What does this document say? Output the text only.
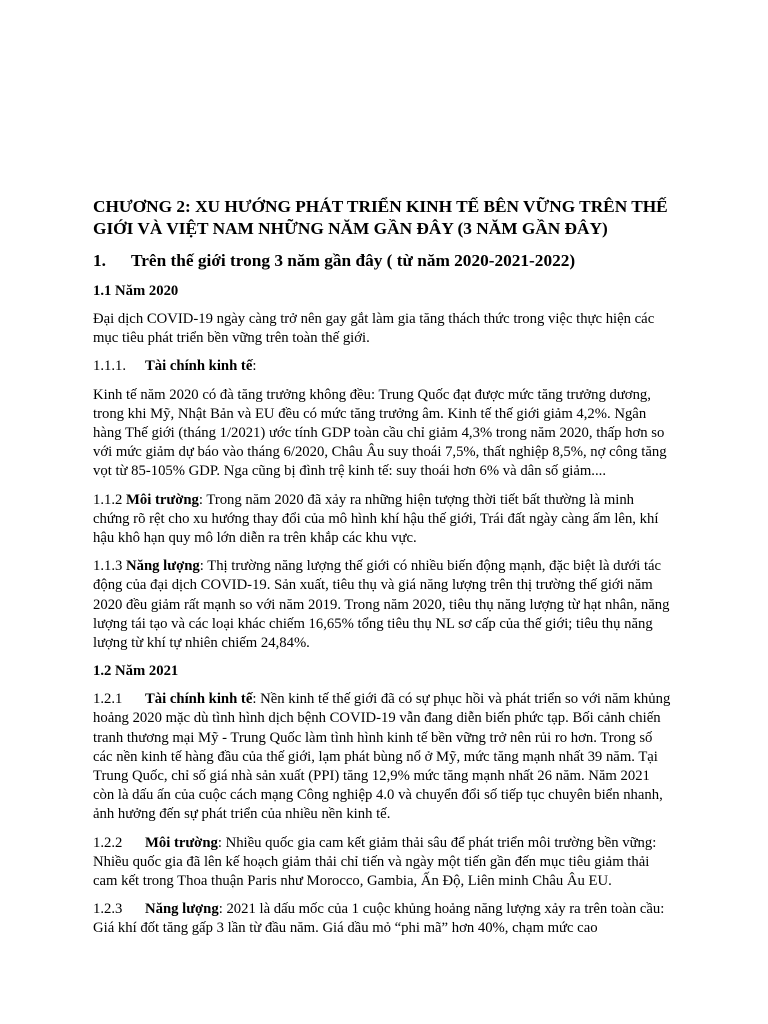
CHƯƠNG 2: XU HƯỚNG PHÁT TRIỂN KINH TẾ BÊN VỮNG TRÊN THẾ GIỚI VÀ VIỆT NAM NHỮNG NĂM GẦN ĐÂY (3 NĂM GẦN ĐÂY)
1.	Trên thế giới trong 3 năm gần đây ( từ năm 2020-2021-2022)
1.1 Năm 2020
Đại dịch COVID-19 ngày càng trở nên gay gắt làm gia tăng thách thức trong việc thực hiện các mục tiêu phát triển bền vững trên toàn thế giới.
1.1.1. Tài chính kinh tế:
Kinh tế năm 2020 có đà tăng trưởng không đều: Trung Quốc đạt được mức tăng trưởng dương, trong khi Mỹ, Nhật Bản và EU đều có mức tăng trưởng âm. Kinh tế thế giới giảm 4,2%. Ngân hàng Thế giới (tháng 1/2021) ước tính GDP toàn cầu chỉ giảm 4,3% trong năm 2020, thấp hơn so với mức giảm dự báo vào tháng 6/2020, Châu Âu suy thoái 7,5%, thất nghiệp 8,5%, nợ công tăng vọt từ 85-105% GDP. Nga cũng bị đình trệ kinh tế: suy thoái hơn 6% và dân số giảm....
1.1.2 Môi trường: Trong năm 2020 đã xảy ra những hiện tượng thời tiết bất thường là minh chứng rõ rệt cho xu hướng thay đổi của mô hình khí hậu thế giới, Trái đất ngày càng ấm lên, khí hậu khô hạn quy mô lớn diễn ra trên khắp các khu vực.
1.1.3 Năng lượng: Thị trường năng lượng thế giới có nhiều biến động mạnh, đặc biệt là dưới tác động của đại dịch COVID-19. Sản xuất, tiêu thụ và giá năng lượng trên thị trường thế giới năm 2020 đều giảm rất mạnh so với năm 2019. Trong năm 2020, tiêu thụ năng lượng từ hạt nhân, năng lượng tái tạo và các loại khác chiếm 16,65% tổng tiêu thụ NL sơ cấp của thế giới; tiêu thụ năng lượng từ khí tự nhiên chiếm 24,84%.
1.2 Năm 2021
1.2.1 Tài chính kinh tế: Nền kinh tế thế giới đã có sự phục hồi và phát triển so với năm khủng hoảng 2020 mặc dù tình hình dịch bệnh COVID-19 vẫn đang diễn biến phức tạp. Bối cảnh chiến tranh thương mại Mỹ - Trung Quốc làm tình hình kinh tế bền vững trở nên rủi ro hơn. Trong số các nền kinh tế hàng đầu của thế giới, lạm phát bùng nổ ở Mỹ, mức tăng mạnh nhất 39 năm. Tại Trung Quốc, chỉ số giá nhà sản xuất (PPI) tăng 12,9% mức tăng mạnh nhất 26 năm. Năm 2021 còn là dấu ấn của cuộc cách mạng Công nghiệp 4.0 và chuyển đổi số tiếp tục chuyên biển nhanh, ảnh hưởng đến sự phát triển của nhiều nền kinh tế.
1.2.2 Môi trường: Nhiều quốc gia cam kết giảm thải sâu để phát triển môi trường bền vững: Nhiều quốc gia đã lên kế hoạch giảm thải chỉ tiến và ngày một tiến gần đến mục tiêu giảm thải cam kết trong Thoa thuận Paris như Morocco, Gambia, Ấn Độ, Liên minh Châu Âu EU.
1.2.3 Năng lượng: 2021 là dấu mốc của 1 cuộc khủng hoảng năng lượng xảy ra trên toàn cầu: Giá khí đốt tăng gấp 3 lần từ đầu năm. Giá dầu mỏ “phi mã” hơn 40%, chạm mức cao
